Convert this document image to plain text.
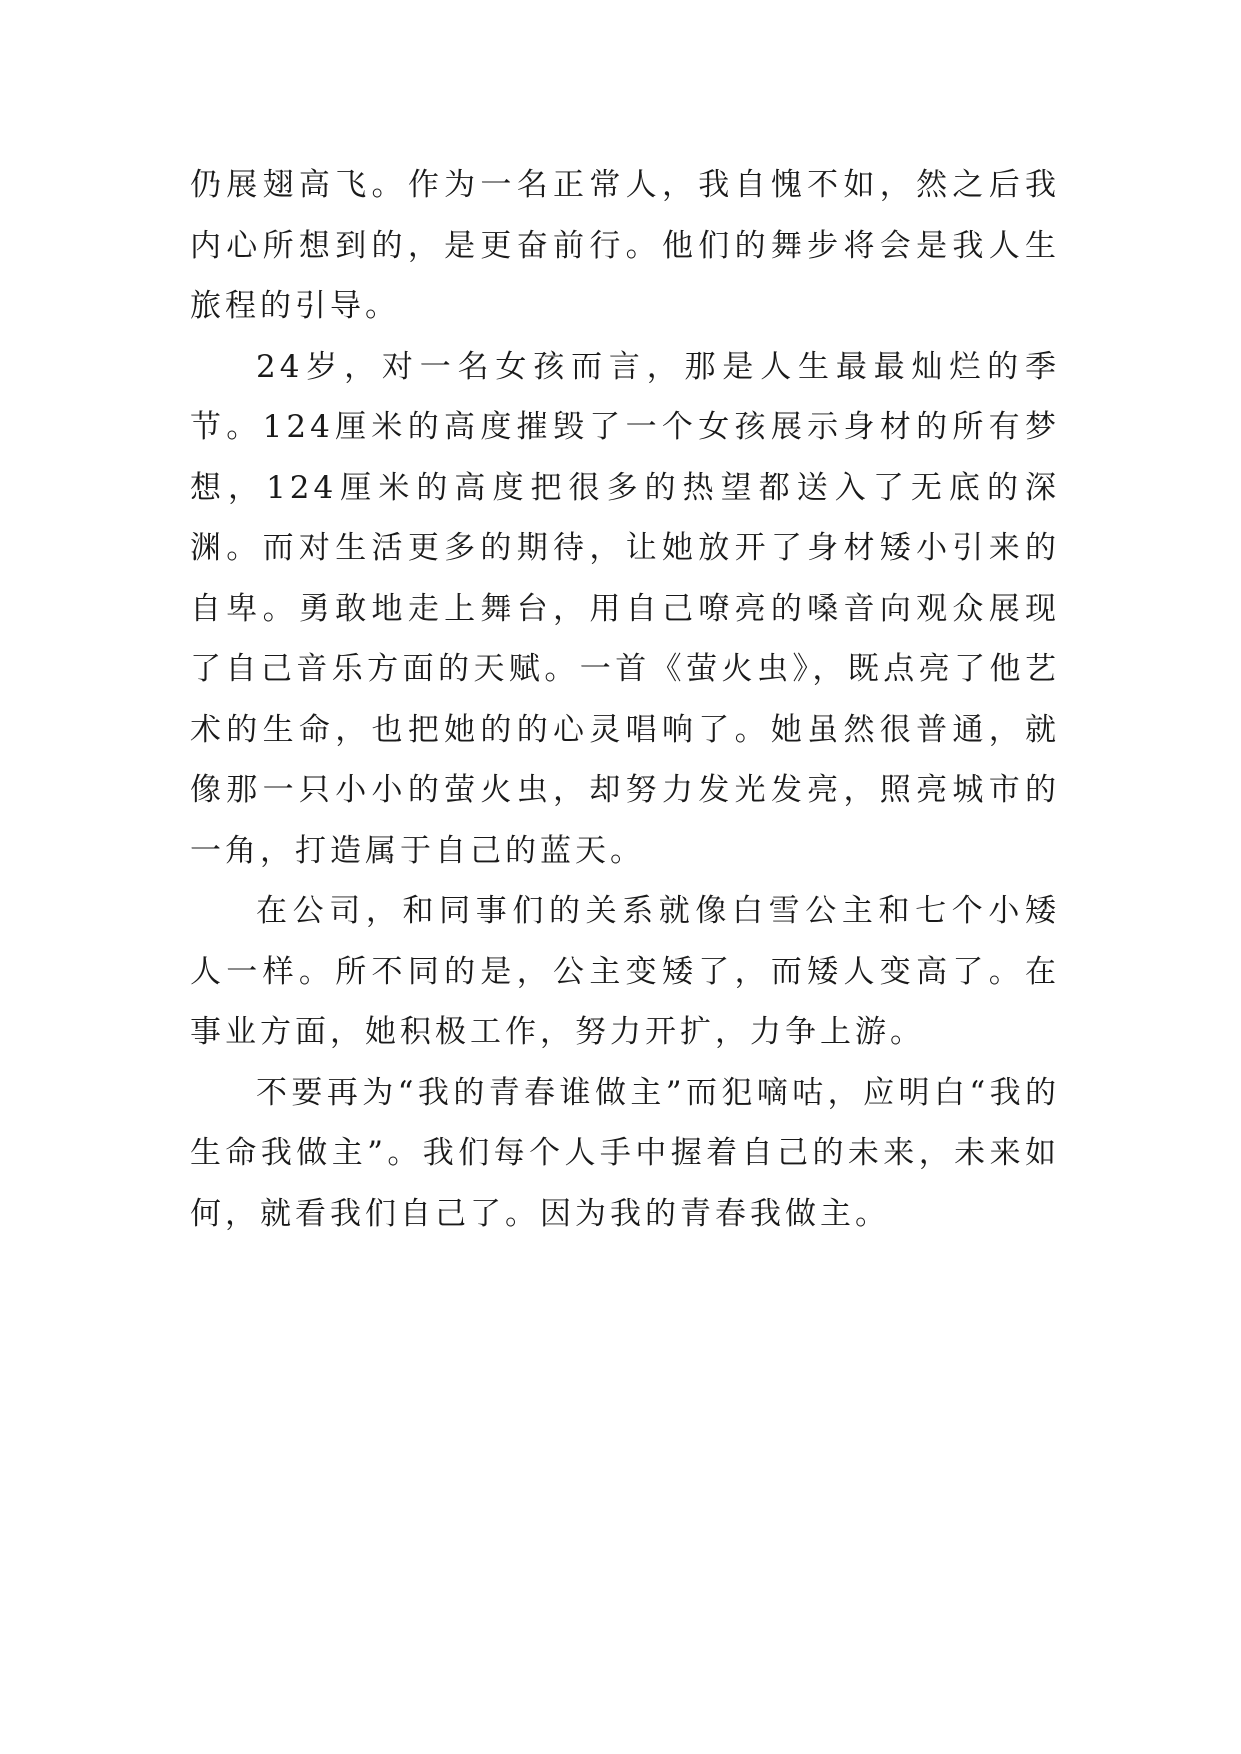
仍展翅高飞。作为一名正常人，我自愧不如，然之后我内心所想到的，是更奋前行。他们的舞步将会是我人生旅程的引导。

24岁，对一名女孩而言，那是人生最最灿烂的季节。124厘米的高度摧毁了一个女孩展示身材的所有梦想，124厘米的高度把很多的热望都送入了无底的深渊。而对生活更多的期待，让她放开了身材矮小引来的自卑。勇敢地走上舞台，用自己嘹亮的嗓音向观众展现了自己音乐方面的天赋。一首《萤火虫》，既点亮了他艺术的生命，也把她的的心灵唱响了。她虽然很普通，就像那一只小小的萤火虫，却努力发光发亮，照亮城市的一角，打造属于自己的蓝天。

在公司，和同事们的关系就像白雪公主和七个小矮人一样。所不同的是，公主变矮了，而矮人变高了。在事业方面，她积极工作，努力开扩，力争上游。

不要再为“我的青春谁做主”而犯嘀咕，应明白“我的生命我做主”。我们每个人手中握着自己的未来，未来如何，就看我们自己了。因为我的青春我做主。
